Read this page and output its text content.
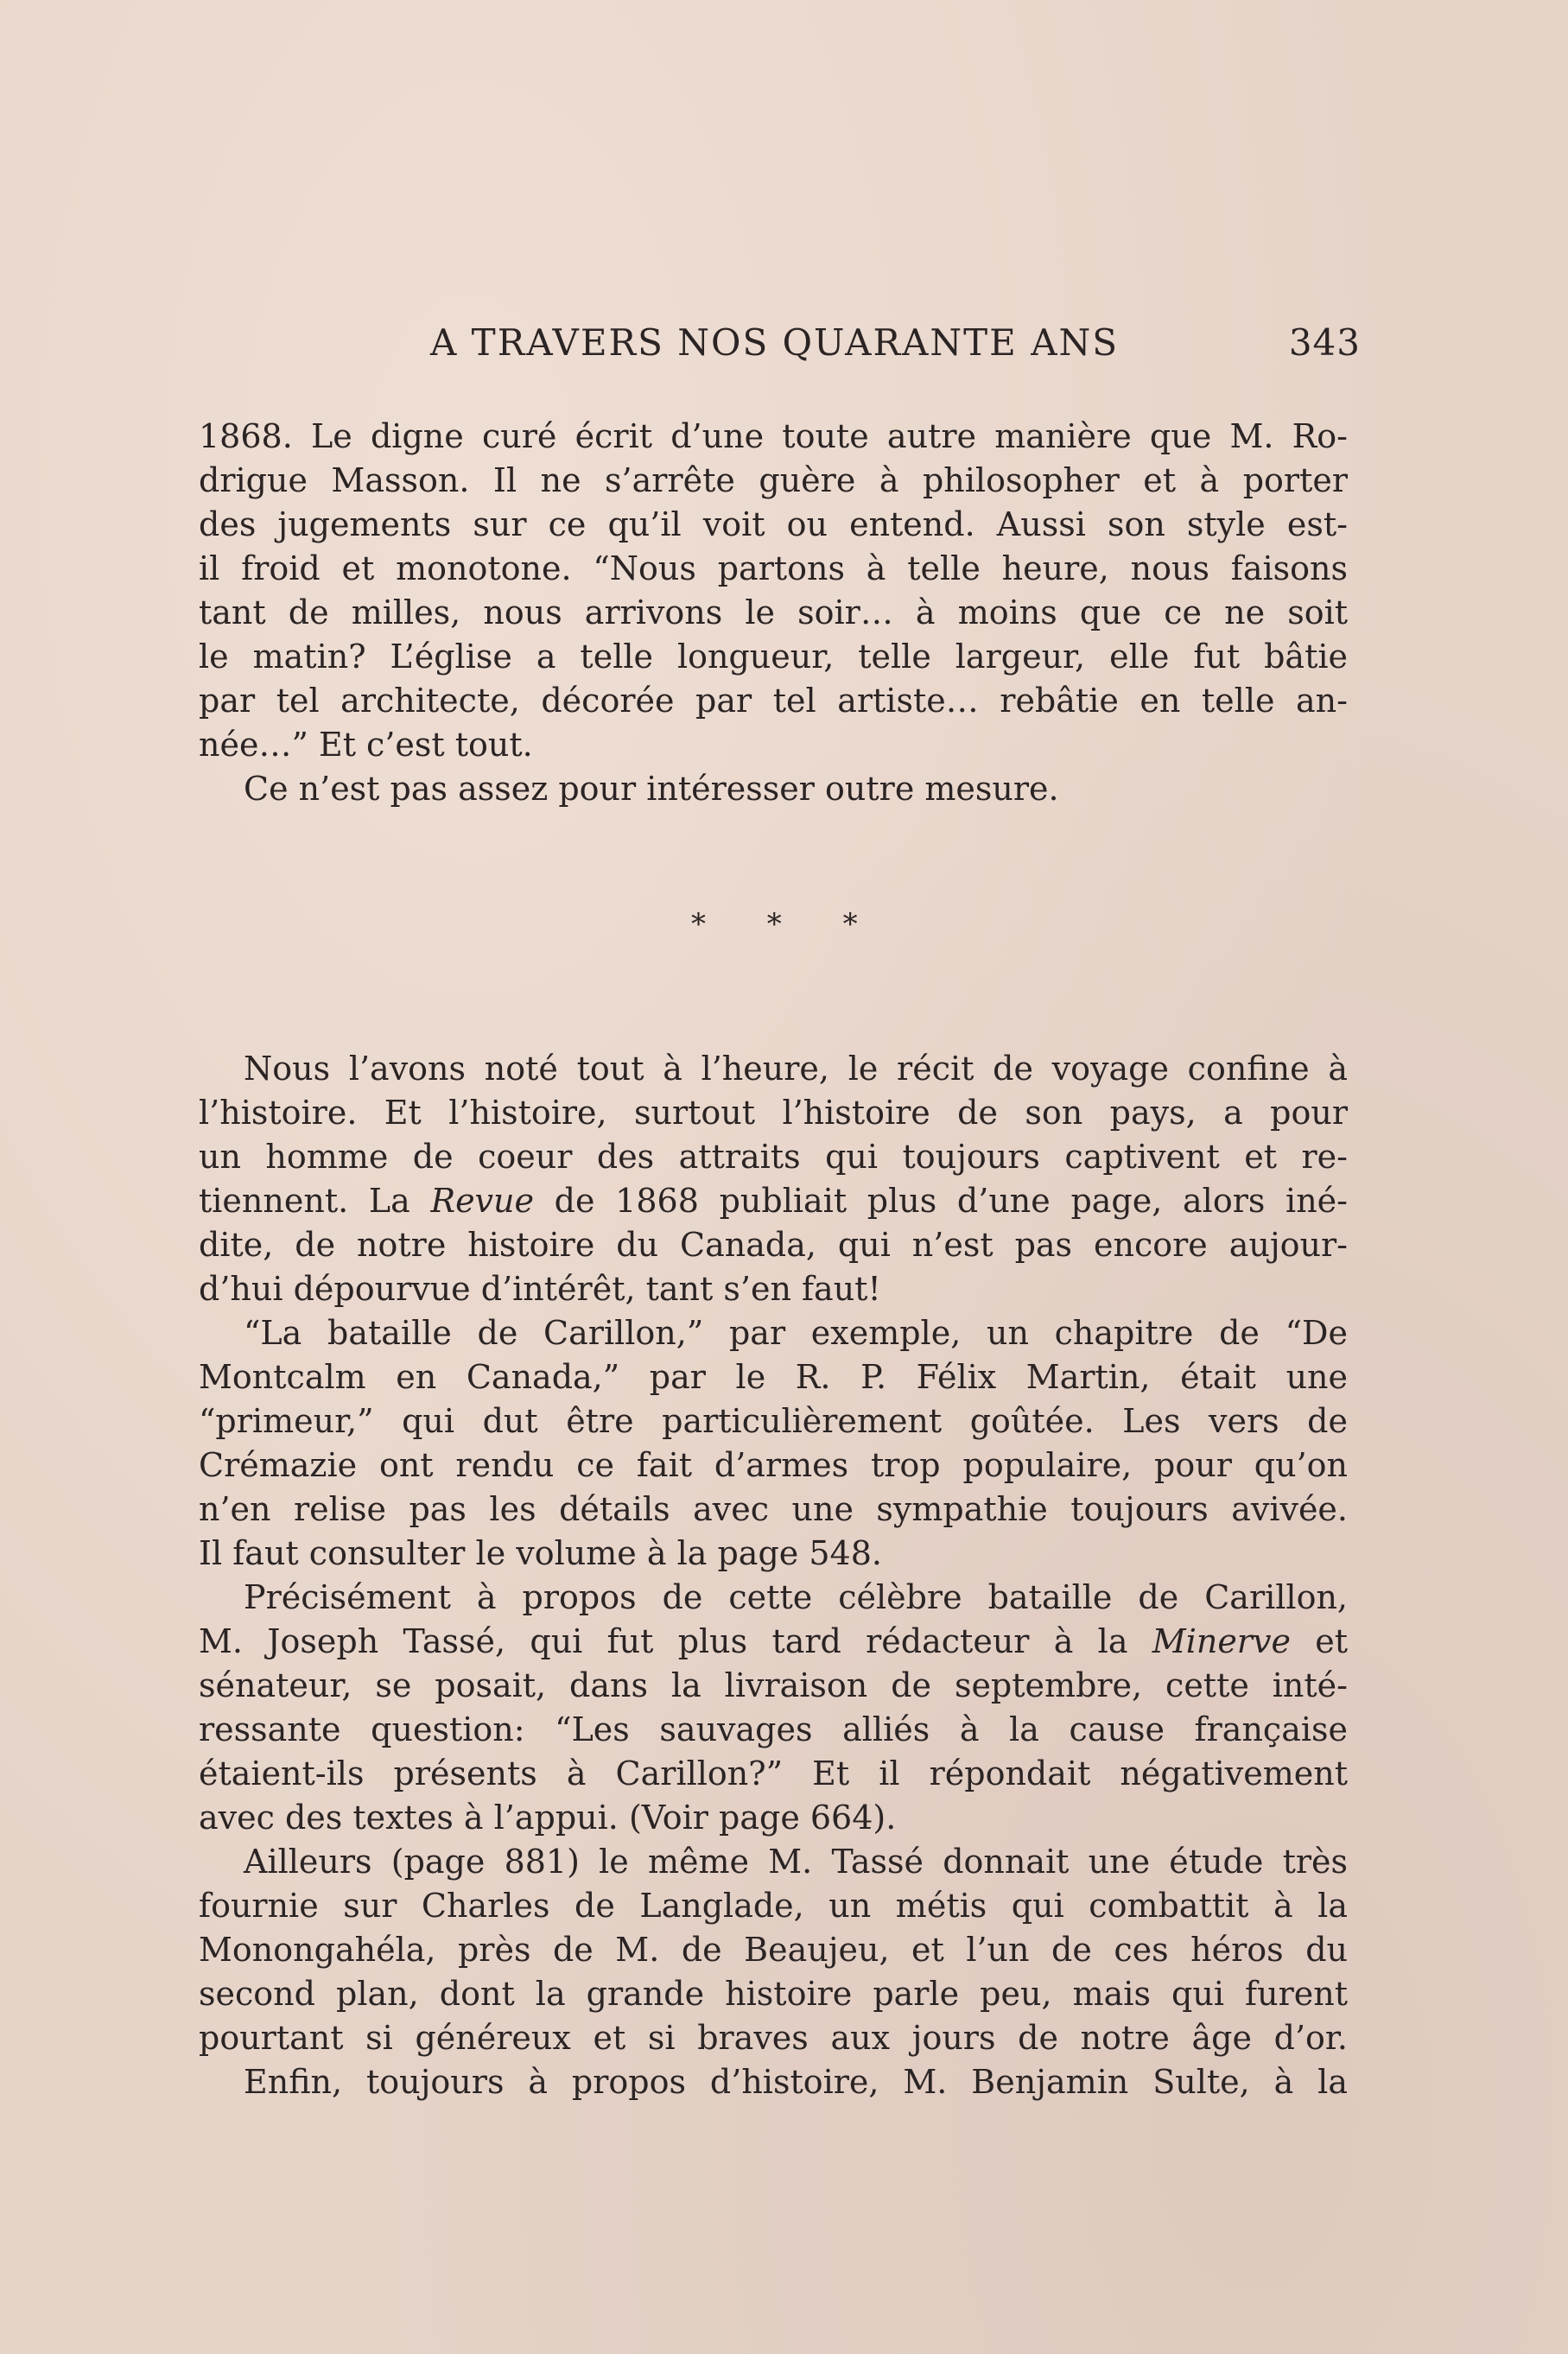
A TRAVERS NOS QUARANTE ANS	343
1868. Le digne curé écrit d’une toute autre manière que M. Ro-
drigue Masson. Il ne s’arrête guère à philosopher et à porter
des jugements sur ce qu’il voit ou entend. Aussi son style est-
il froid et monotone. “Nous partons à telle heure, nous faisons
tant de milles, nous arrivons le soir… à moins que ce ne soit
le matin? L’église a telle longueur, telle largeur, elle fut bâtie
par tel architecte, décorée par tel artiste… rebâtie en telle an-
née…” Et c’est tout.
Ce n’est pas assez pour intéresser outre mesure.
* * *
Nous l’avons noté tout à l’heure, le récit de voyage confine à
l’histoire. Et l’histoire, surtout l’histoire de son pays, a pour
un homme de coeur des attraits qui toujours captivent et re-
tiennent. La Revue de 1868 publiait plus d’une page, alors iné-
dite, de notre histoire du Canada, qui n’est pas encore aujour-
d’hui dépourvue d’intérêt, tant s’en faut!
“La bataille de Carillon,” par exemple, un chapitre de “De
Montcalm en Canada,” par le R. P. Félix Martin, était une
“primeur,” qui dut être particulièrement goûtée. Les vers de
Crémazie ont rendu ce fait d’armes trop populaire, pour qu’on
n’en relise pas les détails avec une sympathie toujours avivée.
Il faut consulter le volume à la page 548.
Précisément à propos de cette célèbre bataille de Carillon,
M. Joseph Tassé, qui fut plus tard rédacteur à la Minerve et
sénateur, se posait, dans la livraison de septembre, cette inté-
ressante question: “Les sauvages alliés à la cause française
étaient-ils présents à Carillon?” Et il répondait négativement
avec des textes à l’appui. (Voir page 664).
Ailleurs (page 881) le même M. Tassé donnait une étude très
fournie sur Charles de Langlade, un métis qui combattit à la
Monongahéla, près de M. de Beaujeu, et l’un de ces héros du
second plan, dont la grande histoire parle peu, mais qui furent
pourtant si généreux et si braves aux jours de notre âge d’or.
Enfin, toujours à propos d’histoire, M. Benjamin Sulte, à la
